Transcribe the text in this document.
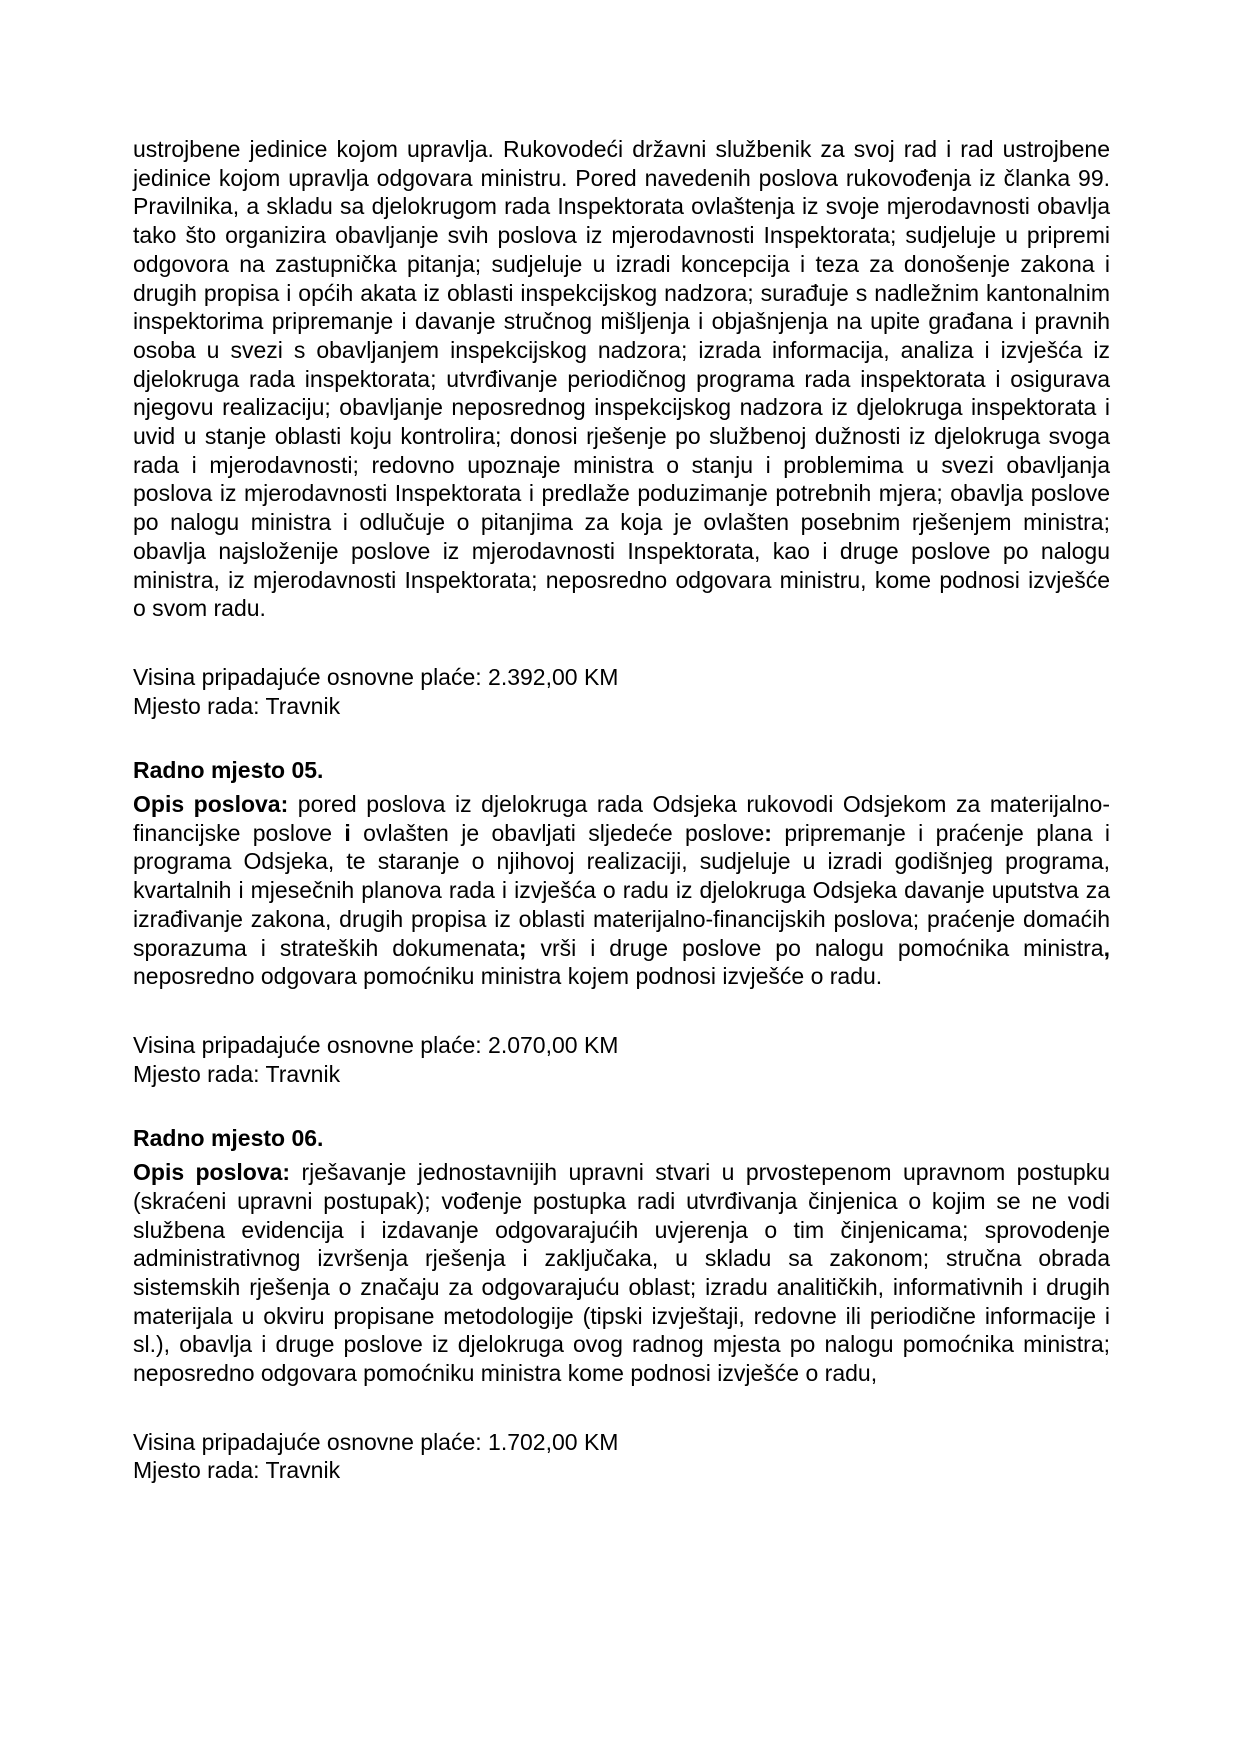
ustrojbene jedinice kojom upravlja. Rukovodeći državni službenik za svoj rad i rad ustrojbene jedinice kojom upravlja odgovara ministru. Pored navedenih poslova rukovođenja iz članka 99. Pravilnika, a skladu sa djelokrugom rada Inspektorata ovlaštenja iz svoje mjerodavnosti obavlja tako što organizira obavljanje svih poslova iz mjerodavnosti Inspektorata; sudjeluje u pripremi odgovora na zastupnička pitanja; sudjeluje u izradi koncepcija i teza za donošenje zakona i drugih propisa i općih akata iz oblasti inspekcijskog nadzora; surađuje s nadležnim kantonalnim inspektorima pripremanje i davanje stručnog mišljenja i objašnjenja na upite građana i pravnih osoba u svezi s obavljanjem inspekcijskog nadzora; izrada informacija, analiza i izvješća iz djelokruga rada inspektorata; utvrđivanje periodičnog programa rada inspektorata i osigurava njegovu realizaciju; obavljanje neposrednog inspekcijskog nadzora iz djelokruga inspektorata i uvid u stanje oblasti koju kontrolira; donosi rješenje po službenoj dužnosti iz djelokruga svoga rada i mjerodavnosti; redovno upoznaje ministra o stanju i problemima u svezi obavljanja poslova iz mjerodavnosti Inspektorata i predlaže poduzimanje potrebnih mjera; obavlja poslove po nalogu ministra i odlučuje o pitanjima za koja je ovlašten posebnim rješenjem ministra; obavlja najsloženije poslove iz mjerodavnosti Inspektorata, kao i druge poslove po nalogu ministra, iz mjerodavnosti Inspektorata; neposredno odgovara ministru, kome podnosi izvješće o svom radu.

Visina pripadajuće osnovne plaće: 2.392,00 KM

Mjesto rada: Travnik

Radno mjesto 05.

Opis poslova: pored poslova iz djelokruga rada Odsjeka rukovodi Odsjekom za materijalno- financijske poslove i ovlašten je obavljati sljedeće poslove: pripremanje i praćenje plana i programa Odsjeka, te staranje o njihovoj realizaciji, sudjeluje u izradi godišnjeg programa, kvartalnih i mjesečnih planova rada i izvješća o radu iz djelokruga Odsjeka davanje uputstva za izrađivanje zakona, drugih propisa iz oblasti materijalno-financijskih poslova; praćenje domaćih sporazuma i strateških dokumenata; vrši i druge poslove po nalogu pomoćnika ministra, neposredno odgovara pomoćniku ministra kojem podnosi izvješće o radu.

Visina pripadajuće osnovne plaće: 2.070,00 KM

Mjesto rada: Travnik

Radno mjesto 06.

Opis poslova: rješavanje jednostavnijih upravni stvari u prvostepenom upravnom postupku (skraćeni upravni postupak); vođenje postupka radi utvrđivanja činjenica o kojim se ne vodi službena evidencija i izdavanje odgovarajućih uvjerenja o tim činjenicama; sprovodenje administrativnog izvršenja rješenja i zaključaka, u skladu sa zakonom; stručna obrada sistemskih rješenja o značaju za odgovarajuću oblast; izradu analitičkih, informativnih i drugih materijala u okviru propisane metodologije (tipski izvještaji, redovne ili periodične informacije i sl.), obavlja i druge poslove iz djelokruga ovog radnog mjesta po nalogu pomoćnika ministra; neposredno odgovara pomoćniku ministra kome podnosi izvješće o radu,

Visina pripadajuće osnovne plaće: 1.702,00 KM

Mjesto rada: Travnik
